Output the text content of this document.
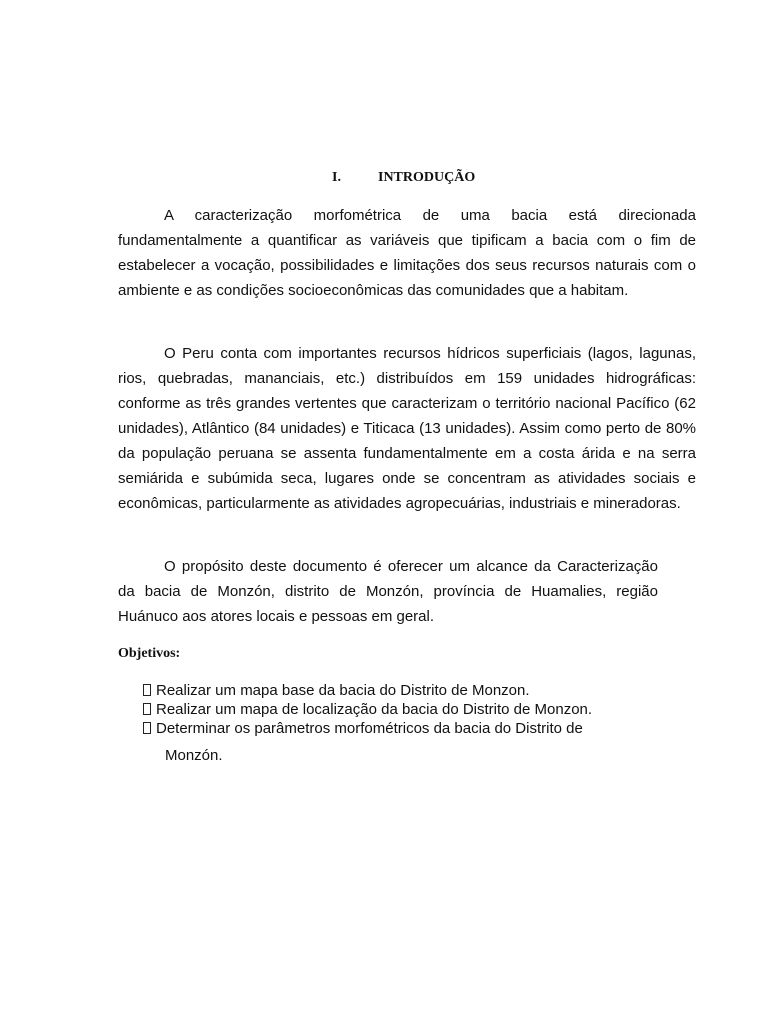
I.	INTRODUÇÃO

A caracterização morfométrica de uma bacia está direcionada fundamentalmente a quantificar as variáveis que tipificam a bacia com o fim de estabelecer a vocação, possibilidades e limitações dos seus recursos naturais com o ambiente e as condições socioeconômicas das comunidades que a habitam.

O Peru conta com importantes recursos hídricos superficiais (lagos, lagunas, rios, quebradas, mananciais, etc.) distribuídos em 159 unidades hidrográficas: conforme as três grandes vertentes que caracterizam o território nacional Pacífico (62 unidades), Atlântico (84 unidades) e Titicaca (13 unidades). Assim como perto de 80% da população peruana se assenta fundamentalmente em a costa árida e na serra semiárida e subúmida seca, lugares onde se concentram as atividades sociais e econômicas, particularmente as atividades agropecuárias, industriais e mineradoras.

O propósito deste documento é oferecer um alcance da Caracterização da bacia de Monzón, distrito de Monzón, província de Huamalies, região Huánuco aos atores locais e pessoas em geral.

Objetivos:
Realizar um mapa base da bacia do Distrito de Monzon.
Realizar um mapa de localização da bacia do Distrito de Monzon.
Determinar os parâmetros morfométricos da bacia do Distrito de
Monzón.
